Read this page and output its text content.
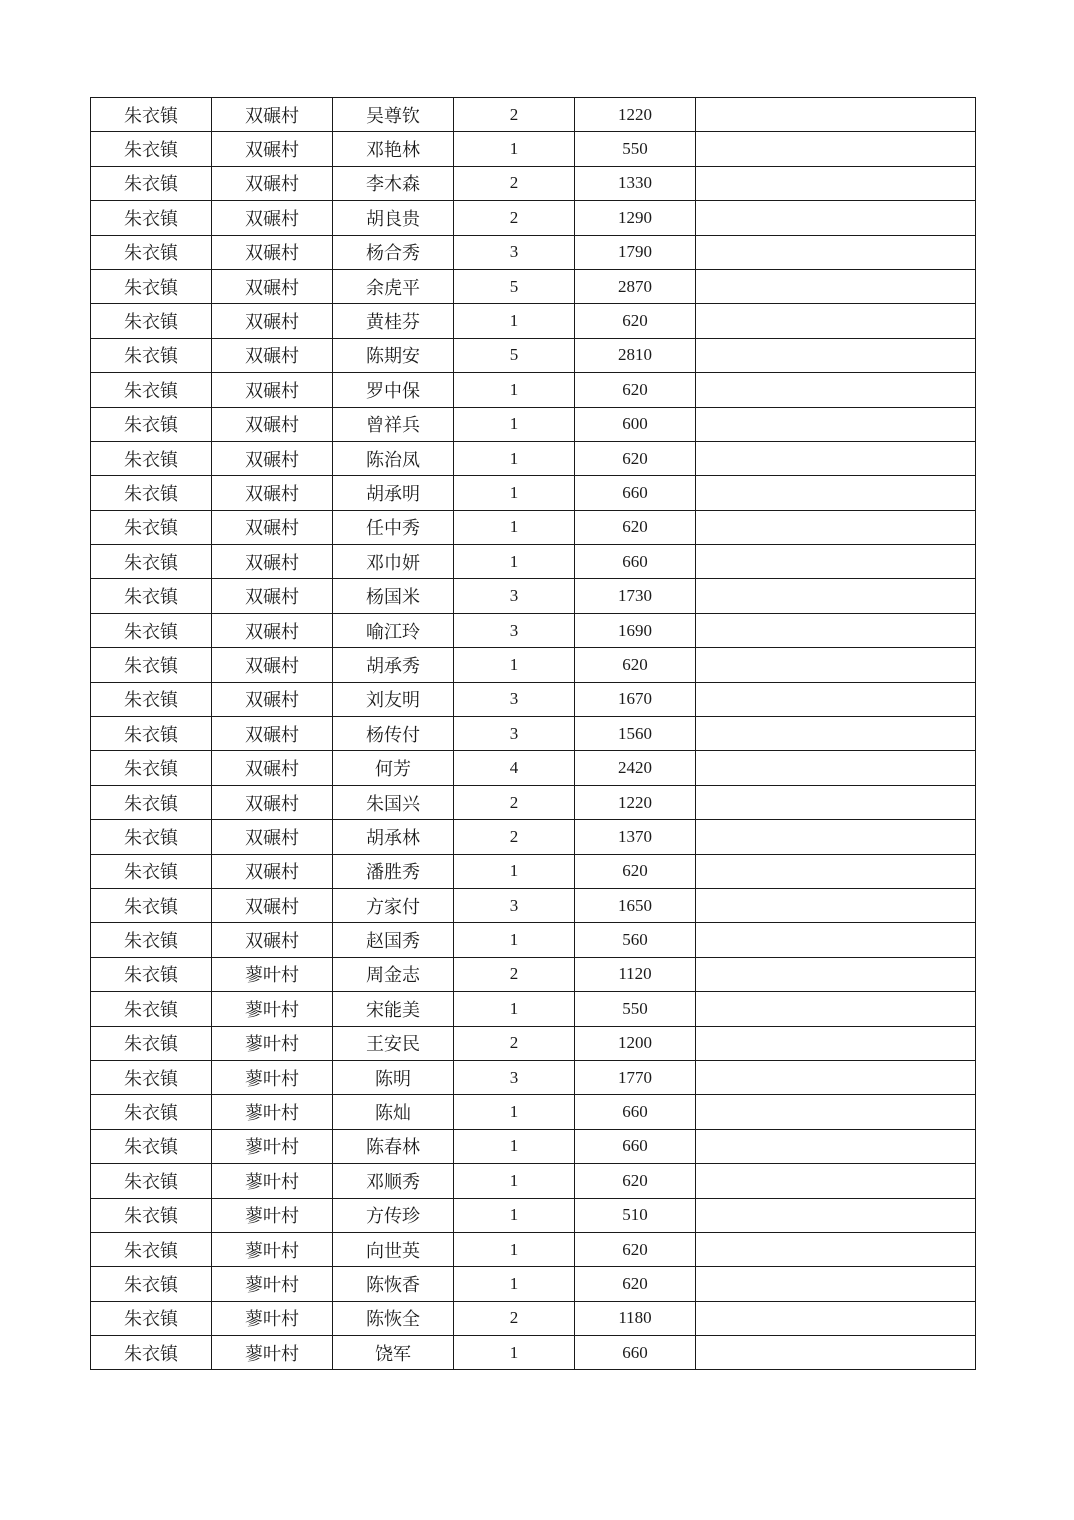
朱衣镇	双碾村	吴尊钦	2	1220	
朱衣镇	双碾村	邓艳林	1	550	
朱衣镇	双碾村	李木森	2	1330	
朱衣镇	双碾村	胡良贵	2	1290	
朱衣镇	双碾村	杨合秀	3	1790	
朱衣镇	双碾村	余虎平	5	2870	
朱衣镇	双碾村	黄桂芬	1	620	
朱衣镇	双碾村	陈期安	5	2810	
朱衣镇	双碾村	罗中保	1	620	
朱衣镇	双碾村	曾祥兵	1	600	
朱衣镇	双碾村	陈治凤	1	620	
朱衣镇	双碾村	胡承明	1	660	
朱衣镇	双碾村	任中秀	1	620	
朱衣镇	双碾村	邓巾妍	1	660	
朱衣镇	双碾村	杨国米	3	1730	
朱衣镇	双碾村	喻江玲	3	1690	
朱衣镇	双碾村	胡承秀	1	620	
朱衣镇	双碾村	刘友明	3	1670	
朱衣镇	双碾村	杨传付	3	1560	
朱衣镇	双碾村	何芳	4	2420	
朱衣镇	双碾村	朱国兴	2	1220	
朱衣镇	双碾村	胡承林	2	1370	
朱衣镇	双碾村	潘胜秀	1	620	
朱衣镇	双碾村	方家付	3	1650	
朱衣镇	双碾村	赵国秀	1	560	
朱衣镇	蓼叶村	周金志	2	1120	
朱衣镇	蓼叶村	宋能美	1	550	
朱衣镇	蓼叶村	王安民	2	1200	
朱衣镇	蓼叶村	陈明	3	1770	
朱衣镇	蓼叶村	陈灿	1	660	
朱衣镇	蓼叶村	陈春林	1	660	
朱衣镇	蓼叶村	邓顺秀	1	620	
朱衣镇	蓼叶村	方传珍	1	510	
朱衣镇	蓼叶村	向世英	1	620	
朱衣镇	蓼叶村	陈恢香	1	620	
朱衣镇	蓼叶村	陈恢全	2	1180	
朱衣镇	蓼叶村	饶军	1	660	
